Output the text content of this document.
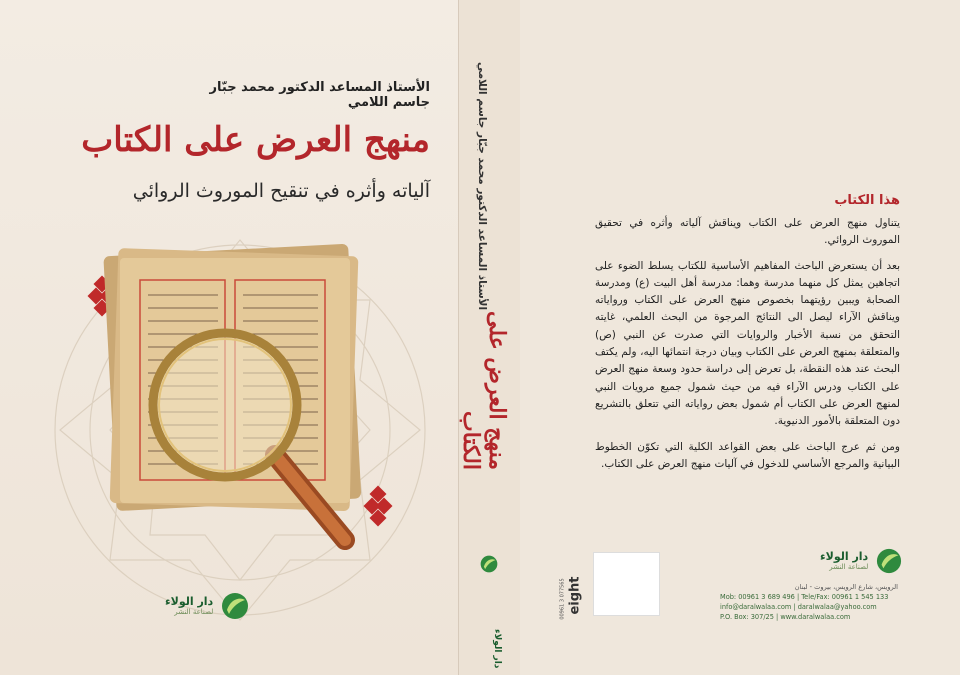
الأستاذ المساعد الدكتور محمد جبّار جاسم اللامي
منهج العرض على الكتاب
آلياته وأثره في تنقيح الموروث الروائي
دار الولاء
لصناعة النشر
الأستاذ المساعد الدكتور محمد جبّار جاسم اللامي
منهج العرض على الكتاب
دار الولاء
هذا الكتاب

يتناول منهج العرض على الكتاب ويناقش آلياته وأثره في تحقيق الموروث الروائي.

بعد أن يستعرض الباحث المفاهيم الأساسية للكتاب يسلط الضوء على اتجاهين يمثل كل منهما مدرسة وهما: مدرسة أهل البيت (ع) ومدرسة الصحابة ويبين رؤيتهما بخصوص منهج العرض على الكتاب ورواياته ويناقش الآراء ليصل الى النتائج المرجوة من البحث العلمي، غايته التحقق من نسبة الأخبار والروايات التي صدرت عن النبي (ص) والمتعلقة بمنهج العرض على الكتاب وبيان درجة انتمائها اليه، ولم يكتف البحث عند هذه النقطة، بل تعرض إلى دراسة حدود وسعة منهج العرض على الكتاب ودرس الآراء فيه من حيث شمول جميع مرويات النبي لمنهج العرض على الكتاب أم شمول بعض رواياته التي تتعلق بالتشريع دون المتعلقة بالأمور الدنيوية.

ومن ثم عرج الباحث على بعض القواعد الكلية التي تكوّن الخطوط البيانية والمرجع الأساسي للدخول في آليات منهج العرض على الكتاب.

eight
00961 3 077565
دار الولاء
لصناعة النشر
الرويس، شارع الرويس، بيروت - لبنان
Mob: 00961 3 689 496 | Tele/Fax: 00961 1 545 133
info@daralwalaa.com | daralwalaa@yahoo.com
P.O. Box: 307/25 | www.daralwalaa.com
